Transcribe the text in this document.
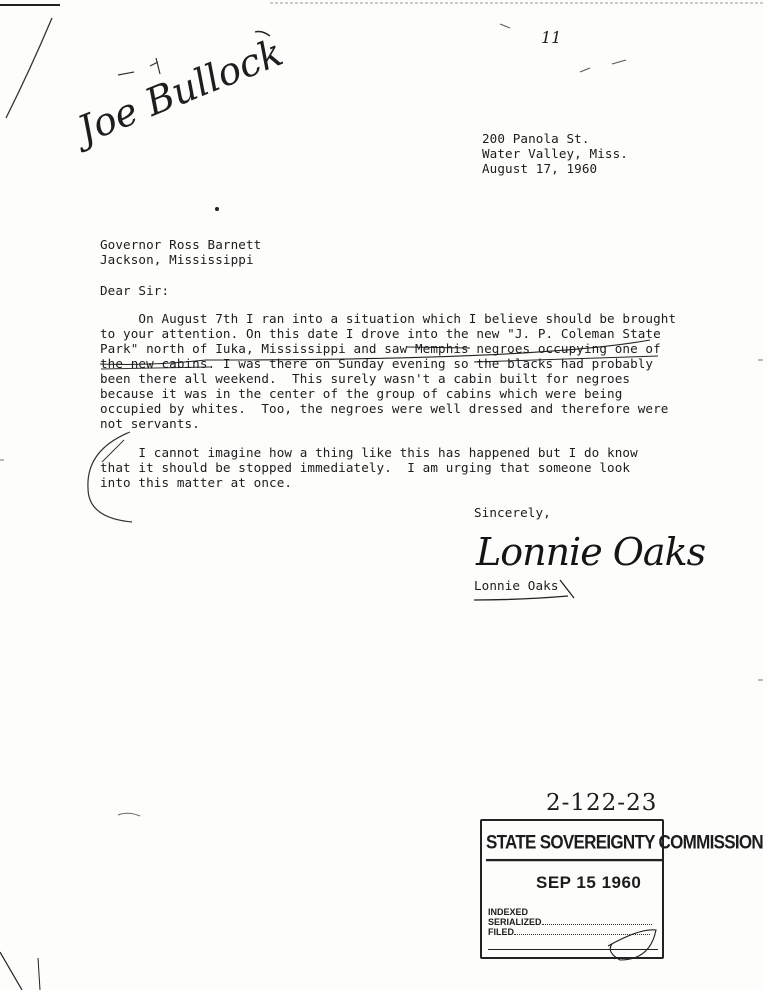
Joe Bullock	11
2-122-23
200 Panola St.
Water Valley, Miss.
August 17, 1960
Governor Ross Barnett
Jackson, Mississippi
Dear Sir:
On August 7th I ran into a situation which I believe should be brought
to your attention. On this date I drove into the new "J. P. Coleman State
Park" north of Iuka, Mississippi and saw Memphis negroes occupying one of
the new cabins. I was there on Sunday evening so the blacks had probably
been there all weekend.  This surely wasn't a cabin built for negroes
because it was in the center of the group of cabins which were being
occupied by whites.  Too, the negroes were well dressed and therefore were
not servants.
I cannot imagine how a thing like this has happened but I do know
that it should be stopped immediately.  I am urging that someone look
into this matter at once.
Sincerely,
Lonnie Oaks
Lonnie Oaks
STATE SOVEREIGNTY COMMISSION
SEP 15 1960
INDEXED
SERIALIZED
FILED
